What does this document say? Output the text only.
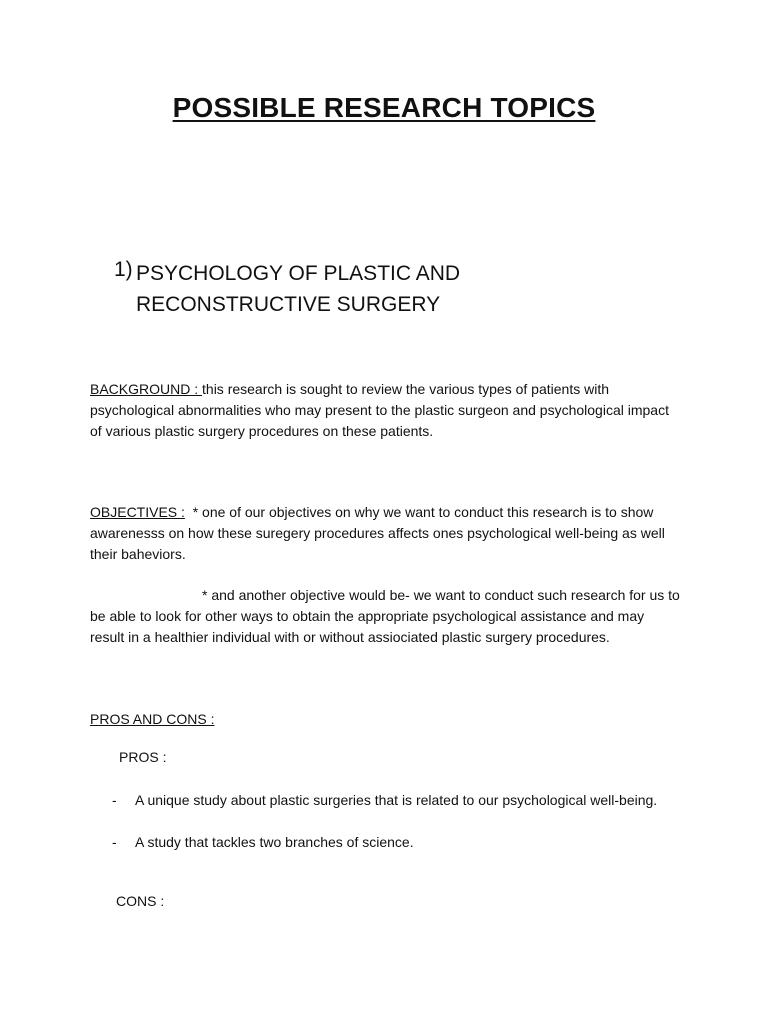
POSSIBLE RESEARCH TOPICS
1) PSYCHOLOGY OF PLASTIC AND RECONSTRUCTIVE SURGERY
BACKGROUND : this research is sought to review the various types of patients with psychological abnormalities who may present to the plastic surgeon and psychological impact of various plastic surgery procedures on these patients.
OBJECTIVES : * one of our objectives on why we want to conduct this research is to show awarenesss on how these suregery procedures affects ones psychological well-being as well their baheviors.
* and another objective would be- we want to conduct such research for us to be able to look for other ways to obtain the appropriate psychological assistance and may result in a healthier individual with or without assiociated plastic surgery procedures.
PROS AND CONS :
PROS :
- A unique study about plastic surgeries that is related to our psychological well-being.
- A study that tackles two branches of science.
CONS :
